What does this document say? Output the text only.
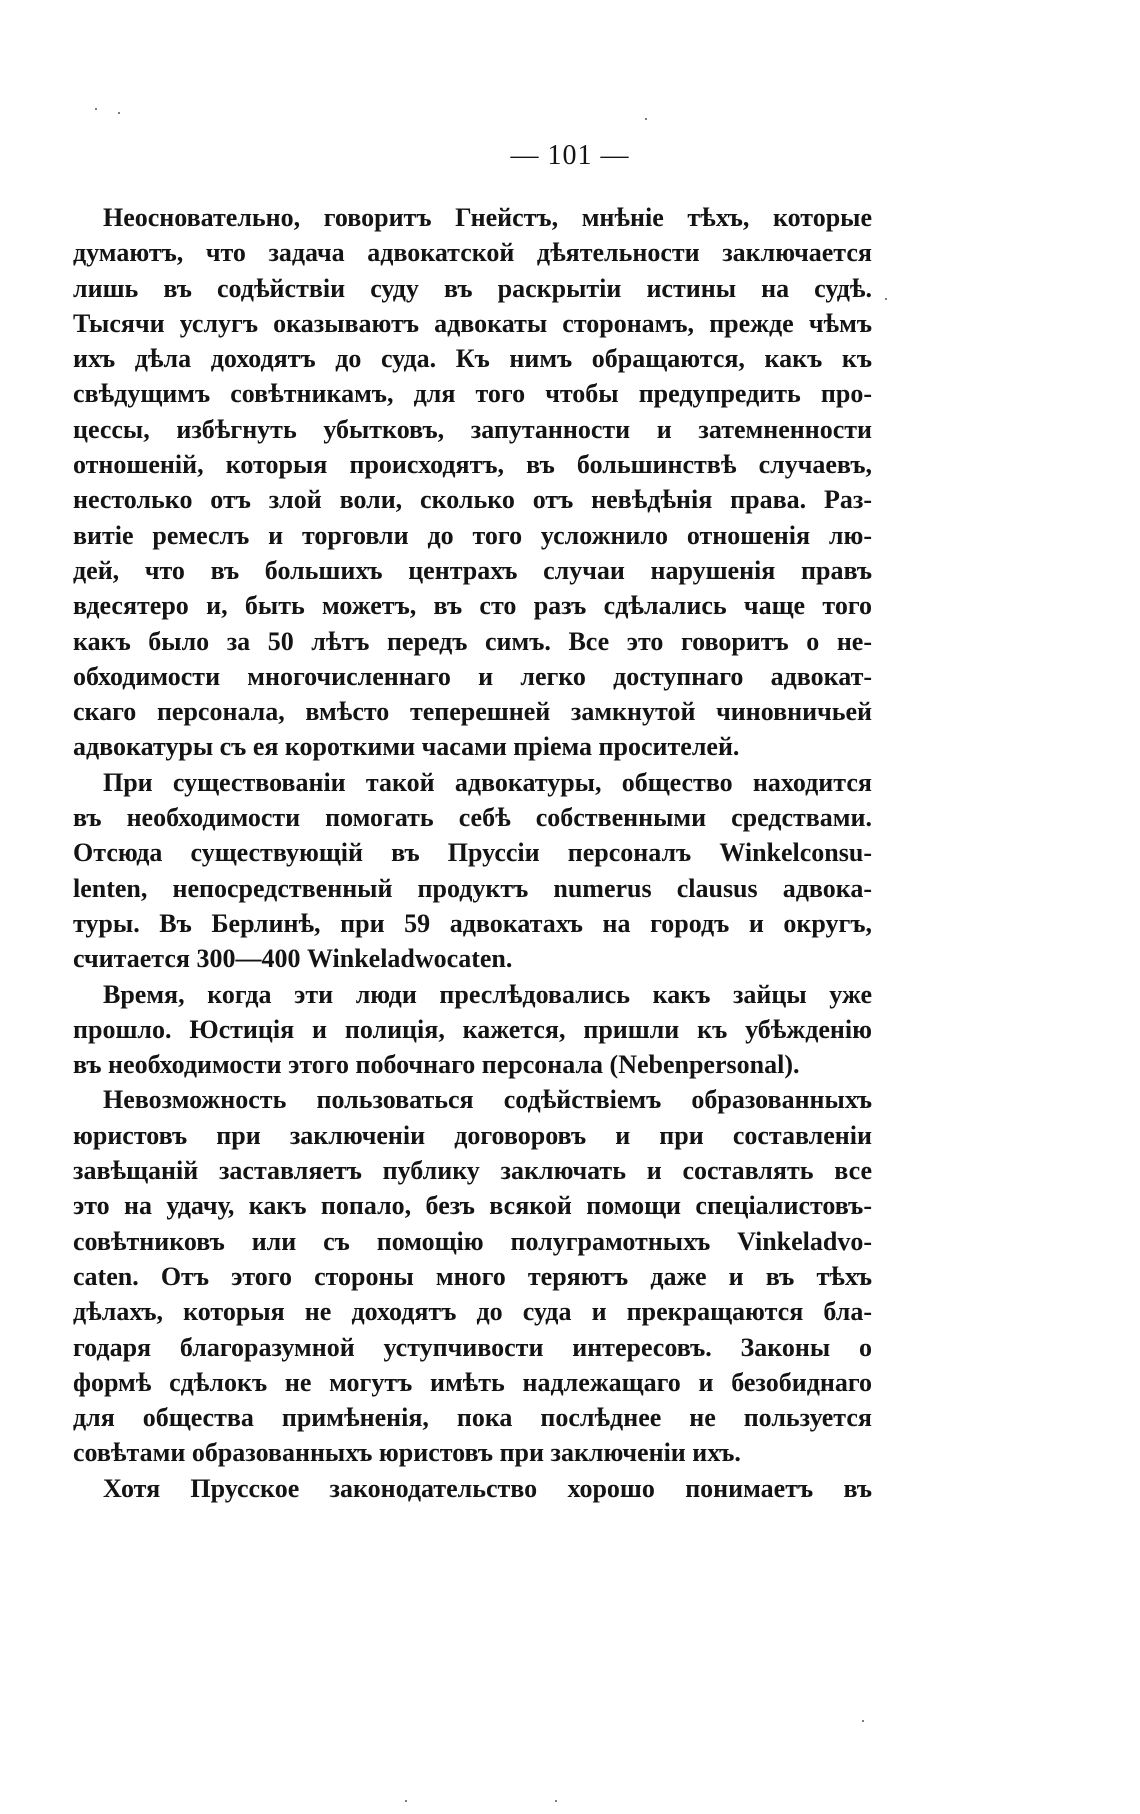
— 101 —
Неосновательно, говоритъ Гнейстъ, мнѣніе тѣхъ, которые
думаютъ, что задача адвокатской дѣятельности заключается
лишь въ содѣйствіи суду въ раскрытіи истины на судѣ.
Тысячи услугъ оказываютъ адвокаты сторонамъ, прежде чѣмъ
ихъ дѣла доходятъ до суда. Къ нимъ обращаются, какъ къ
свѣдущимъ совѣтникамъ, для того чтобы предупредить про-
цессы, избѣгнуть убытковъ, запутанности и затемненности
отношеній, которыя происходятъ, въ большинствѣ случаевъ,
нестолько отъ злой воли, сколько отъ невѣдѣнія права. Раз-
витіе ремеслъ и торговли до того усложнило отношенія лю-
дей, что въ большихъ центрахъ случаи нарушенія правъ
вдесятеро и, быть можетъ, въ сто разъ сдѣлались чаще того
какъ было за 50 лѣтъ передъ симъ. Все это говоритъ о не-
обходимости многочисленнаго и легко доступнаго адвокат-
скаго персонала, вмѣсто теперешней замкнутой чиновничьей
адвокатуры съ ея короткими часами пріема просителей.
При существованіи такой адвокатуры, общество находится
въ необходимости помогать себѣ собственными средствами.
Отсюда существующій въ Пруссіи персоналъ Winkelconsu-
lenten, непосредственный продуктъ numerus clausus адвока-
туры. Въ Берлинѣ, при 59 адвокатахъ на городъ и округъ,
считается 300—400 Winkeladwocaten.
Время, когда эти люди преслѣдовались какъ зайцы уже
прошло. Юстиція и полиція, кажется, пришли къ убѣжденію
въ необходимости этого побочнаго персонала (Nebenpersonal).
Невозможность пользоваться содѣйствіемъ образованныхъ
юристовъ при заключеніи договоровъ и при составленіи
завѣщаній заставляетъ публику заключать и составлять все
это на удачу, какъ попало, безъ всякой помощи спеціалистовъ-
совѣтниковъ или съ помощію полуграмотныхъ Vinkeladvo-
caten. Отъ этого стороны много теряютъ даже и въ тѣхъ
дѣлахъ, которыя не доходятъ до суда и прекращаются бла-
годаря благоразумной уступчивости интересовъ. Законы о
формѣ сдѣлокъ не могутъ имѣть надлежащаго и безобиднаго
для общества примѣненія, пока послѣднее не пользуется
совѣтами образованныхъ юристовъ при заключеніи ихъ.
Хотя Прусское законодательство хорошо понимаетъ въ
